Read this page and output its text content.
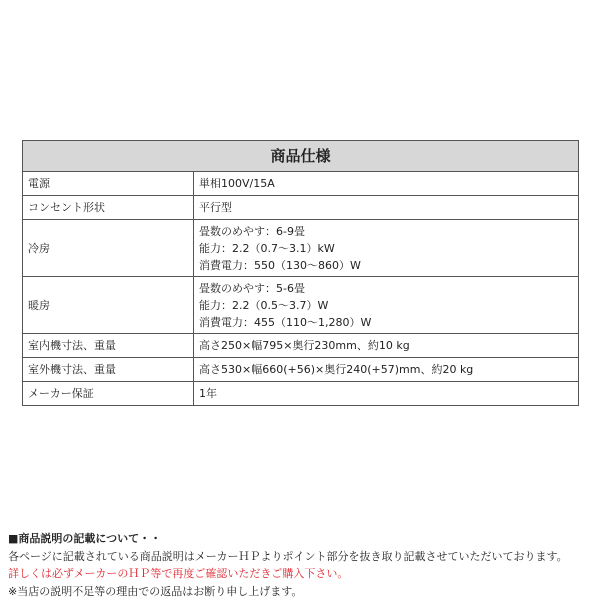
商品仕様	
電源	単相100V/15A

コンセント形状	平行型

冷房	畳数のめやす：6-9畳
能力：2.2（0.7〜3.1）kW
消費電力：550（130〜860）W

暖房	畳数のめやす：5-6畳
能力：2.2（0.5〜3.7）W
消費電力：455（110〜1,280）W

室内機寸法、重量	高さ250×幅795×奥行230mm、約10 kg

室外機寸法、重量	高さ530×幅660(+56)×奥行240(+57)mm、約20 kg

メーカー保証	1年
■商品説明の記載について・・
各ページに記載されている商品説明はメーカーＨＰよりポイント部分を抜き取り記載させていただいております。
詳しくは必ずメーカーのＨＰ等で再度ご確認いただきご購入下さい。
※当店の説明不足等の理由での返品はお断り申し上げます。
